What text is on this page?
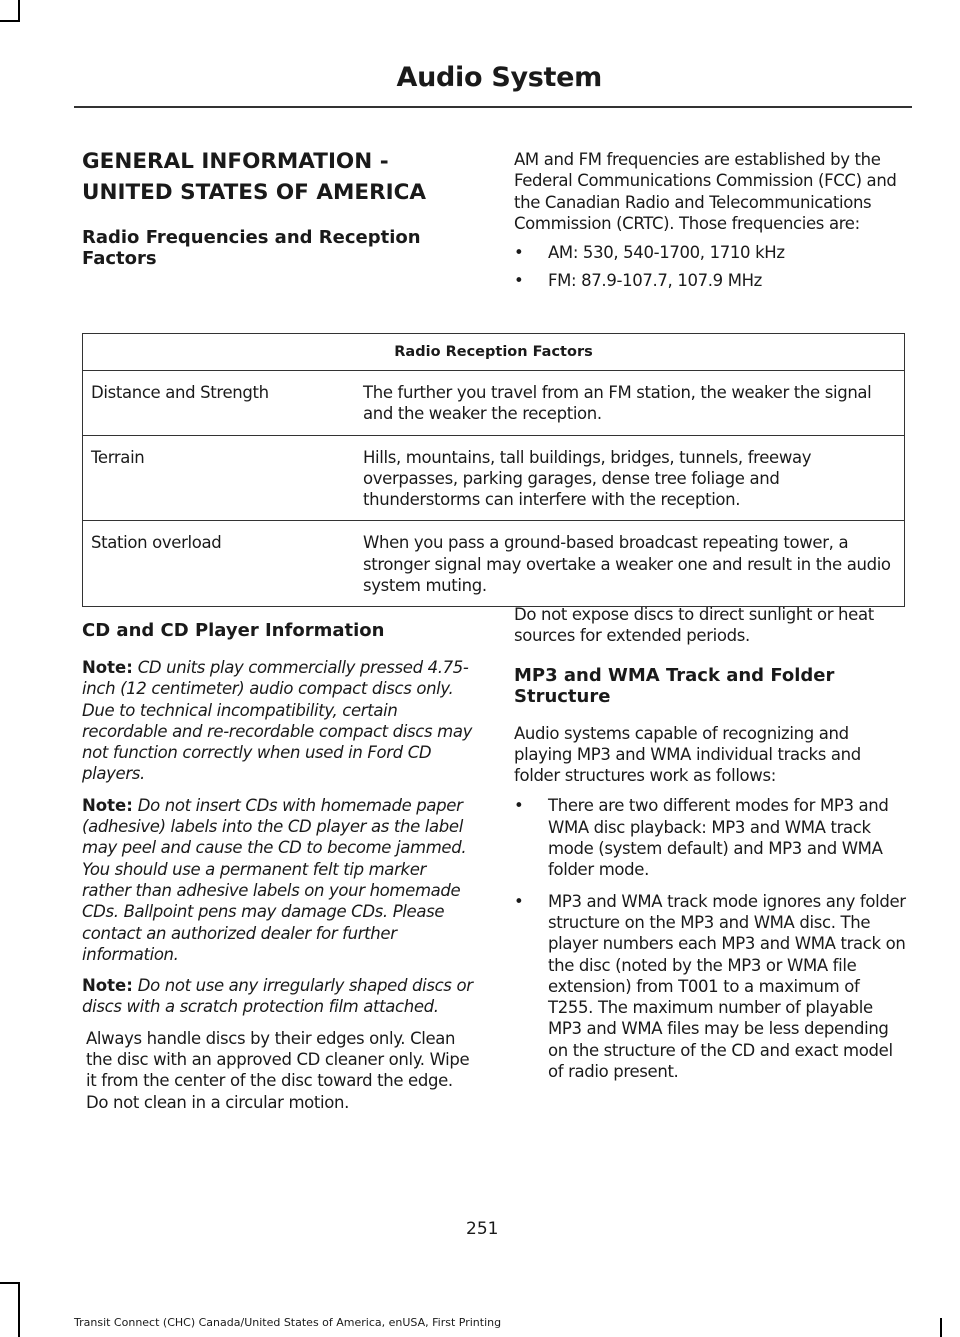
Audio System
GENERAL INFORMATION -
UNITED STATES OF AMERICA
Radio Frequencies and Reception Factors

AM and FM frequencies are established by the Federal Communications Commission (FCC) and the Canadian Radio and Telecommunications Commission (CRTC). Those frequencies are:

• AM: 530, 540-1700, 1710 kHz
• FM: 87.9-107.7, 107.9 MHz
Radio Reception Factors	
Distance and Strength	The further you travel from an FM station, the weaker the signal and the weaker the reception.
Terrain	Hills, mountains, tall buildings, bridges, tunnels, freeway overpasses, parking garages, dense tree foliage and thunderstorms can interfere with the reception.
Station overload	When you pass a ground-based broadcast repeating tower, a stronger signal may overtake a weaker one and result in the audio system muting.
CD and CD Player Information

Note: CD units play commercially pressed 4.75-inch (12 centimeter) audio compact discs only. Due to technical incompatibility, certain recordable and re-recordable compact discs may not function correctly when used in Ford CD players.

Note: Do not insert CDs with homemade paper (adhesive) labels into the CD player as the label may peel and cause the CD to become jammed. You should use a permanent felt tip marker rather than adhesive labels on your homemade CDs. Ballpoint pens may damage CDs. Please contact an authorized dealer for further information.

Note: Do not use any irregularly shaped discs or discs with a scratch protection film attached.

Always handle discs by their edges only. Clean the disc with an approved CD cleaner only. Wipe it from the center of the disc toward the edge. Do not clean in a circular motion.

Do not expose discs to direct sunlight or heat sources for extended periods.

MP3 and WMA Track and Folder Structure

Audio systems capable of recognizing and playing MP3 and WMA individual tracks and folder structures work as follows:

• There are two different modes for MP3 and WMA disc playback: MP3 and WMA track mode (system default) and MP3 and WMA folder mode.
• MP3 and WMA track mode ignores any folder structure on the MP3 and WMA disc. The player numbers each MP3 and WMA track on the disc (noted by the MP3 or WMA file extension) from T001 to a maximum of T255. The maximum number of playable MP3 and WMA files may be less depending on the structure of the CD and exact model of radio present.
251
Transit Connect (CHC) Canada/United States of America, enUSA, First Printing
